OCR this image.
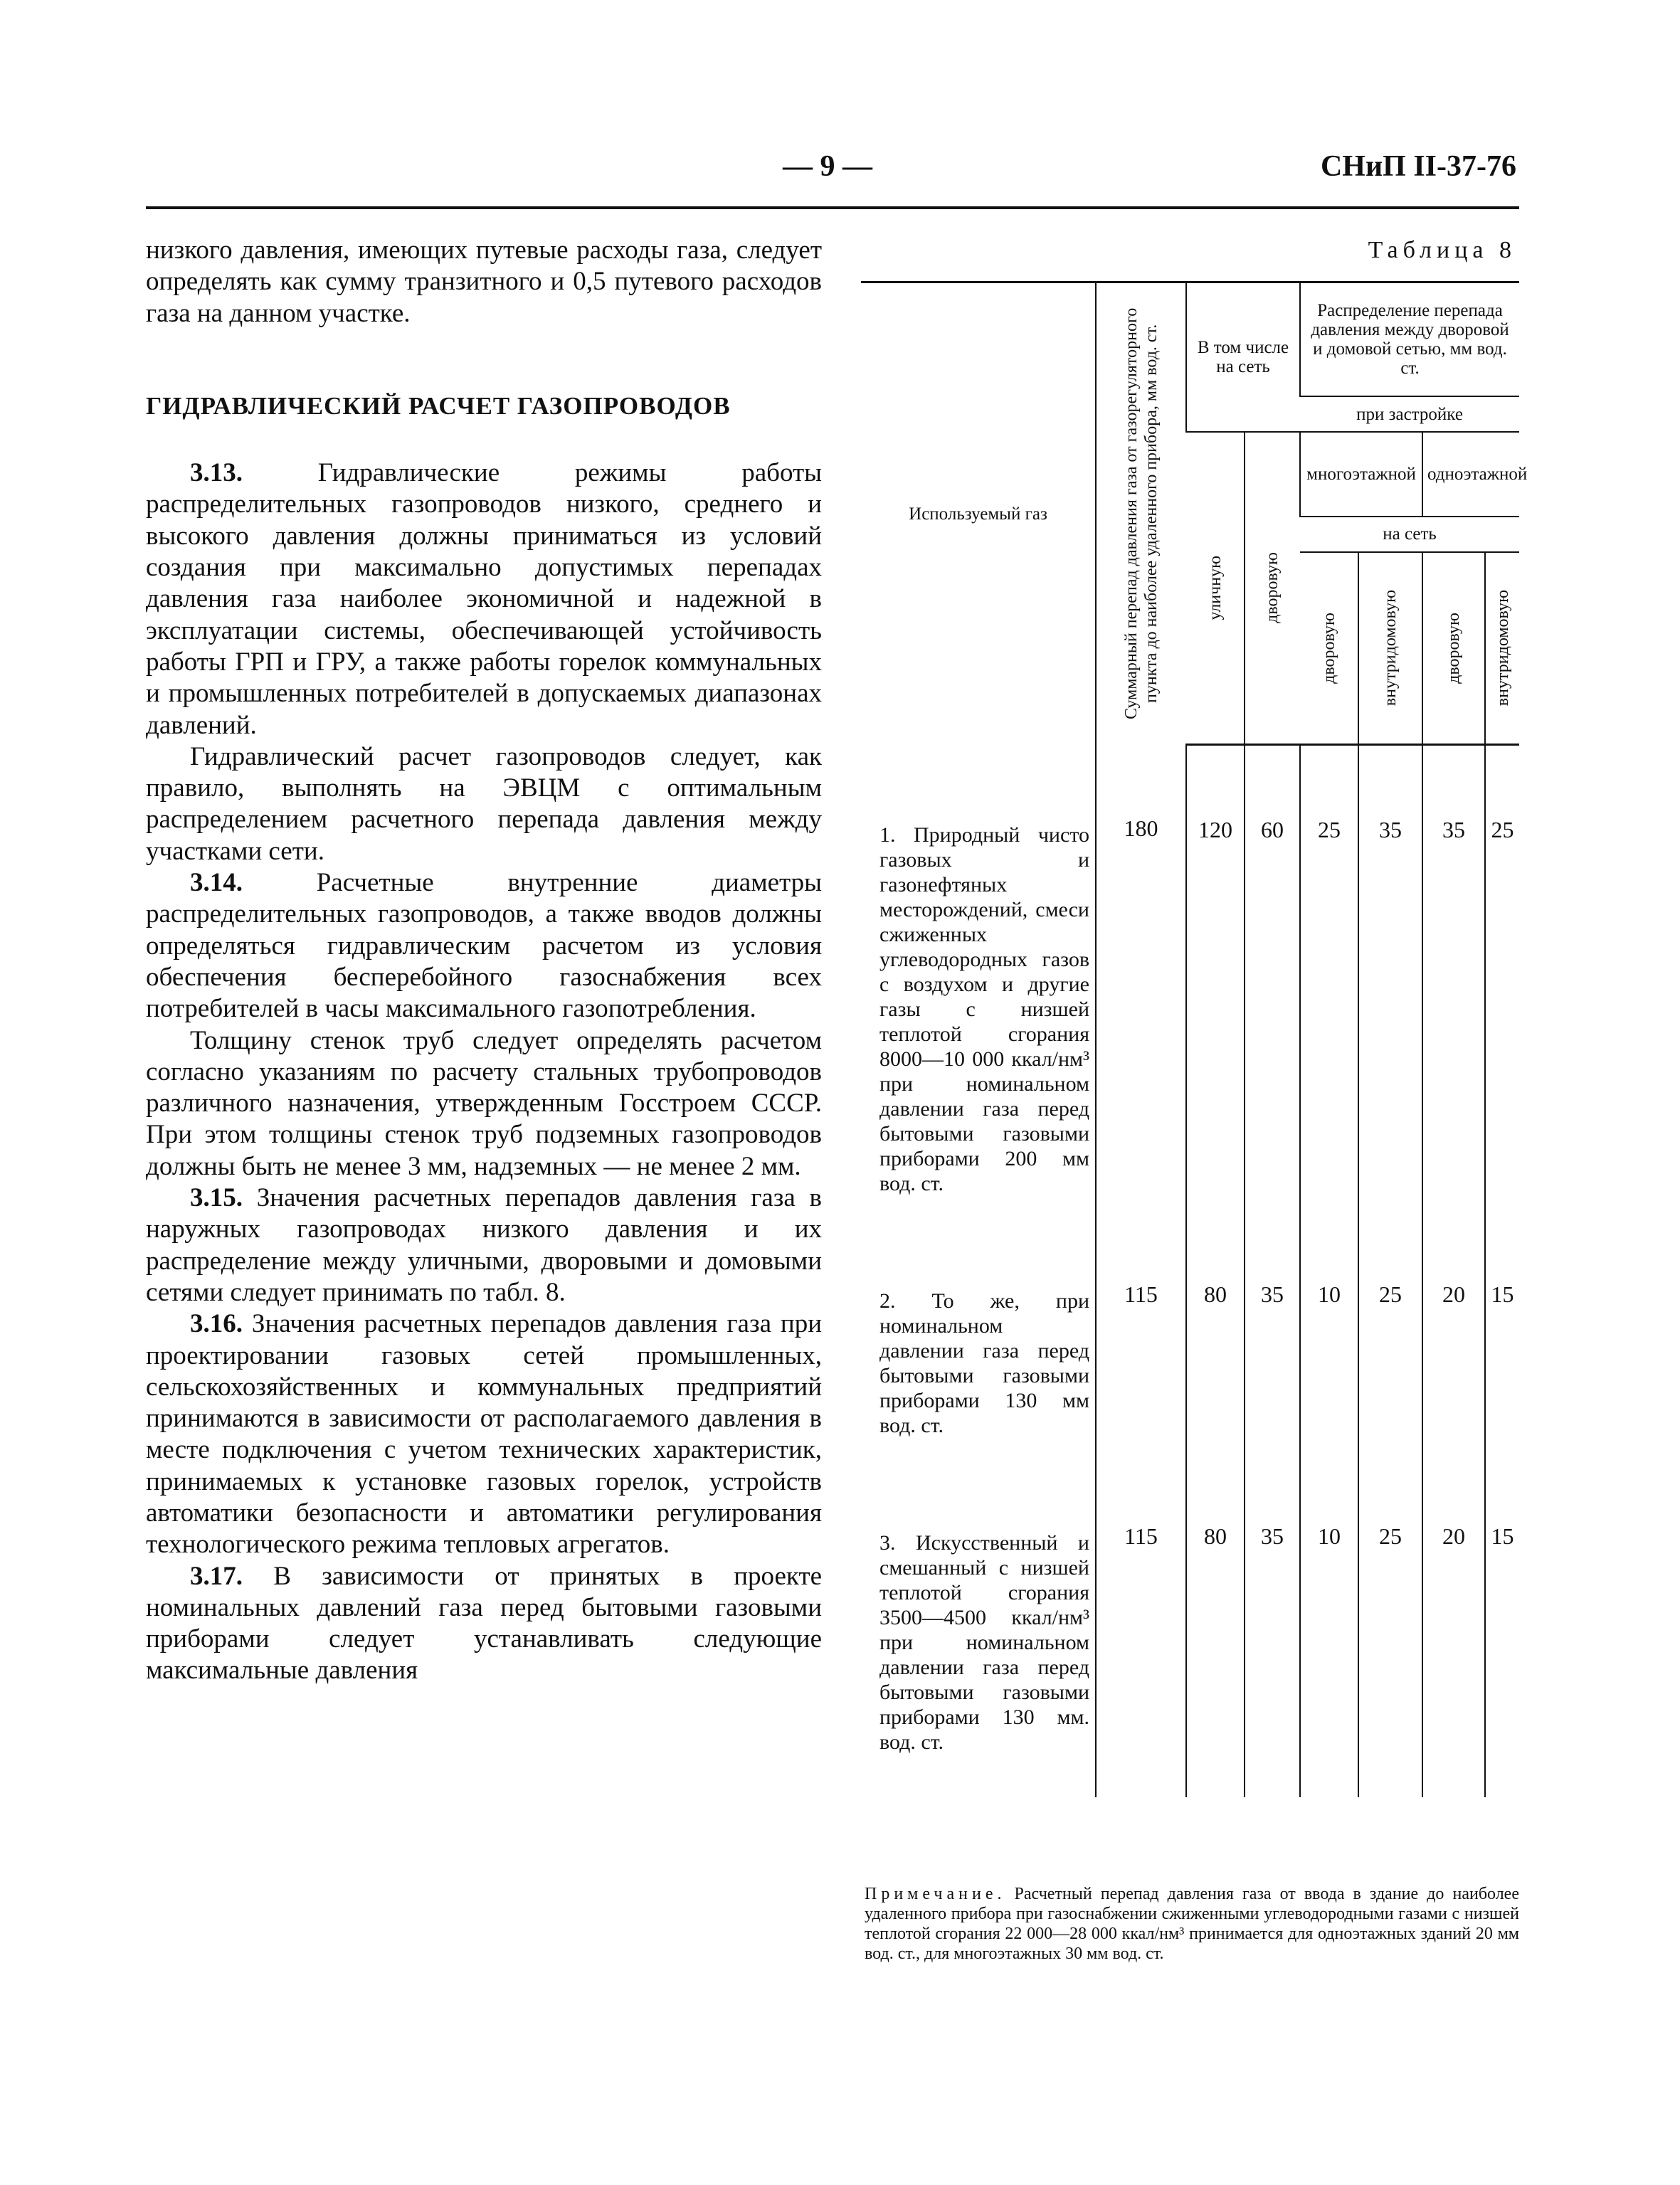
— 9 —	СНиП II-37-76

низкого давления, имеющих путевые расходы газа, следует определять как сумму транзитного и 0,5 путевого расходов газа на данном участке.

ГИДРАВЛИЧЕСКИЙ РАСЧЕТ ГАЗОПРОВОДОВ

3.13.	Гидравлические режимы работы распределительных газопроводов низкого, среднего и высокого давления должны приниматься из условий создания при максимально допустимых перепадах давления газа наиболее экономичной и надежной в эксплуатации системы, обеспечивающей устойчивость работы ГРП и ГРУ, а также работы горелок коммунальных и промышленных потребителей в допускаемых диапазонах давлений.

Гидравлический расчет газопроводов следует, как правило, выполнять на ЭВЦМ с оптимальным распределением расчетного перепада давления между участками сети.

3.14.	Расчетные внутренние диаметры распределительных газопроводов, а также вводов должны определяться гидравлическим расчетом из условия обеспечения бесперебойного газоснабжения всех потребителей в часы максимального газопотребления.

Толщину стенок труб следует определять расчетом согласно указаниям по расчету стальных трубопроводов различного назначения, утвержденным Госстроем СССР. При этом толщины стенок труб подземных газопроводов должны быть не менее 3 мм, надземных — не менее 2 мм.

3.15. Значения расчетных перепадов давления газа в наружных газопроводах низкого давления и их распределение между уличными, дворовыми и домовыми сетями следует принимать по табл. 8.

3.16. Значения расчетных перепадов давления газа при проектировании газовых сетей промышленных, сельскохозяйственных и коммунальных предприятий принимаются в зависимости от располагаемого давления в месте подключения с учетом технических характеристик, принимаемых к установке газовых горелок, устройств автоматики безопасности и автоматики регулирования технологического режима тепловых агрегатов.

3.17. В зависимости от принятых в проекте номинальных давлений газа перед бытовыми газовыми приборами следует устанавливать следующие максимальные давления

Таблица 8
Используемый газ	Суммарный перепад давления газа от газорегуляторного пункта до наиболее удаленного прибора, мм вод. ст.	В том числе на сеть		Распределение перепада давления между дворовой и домовой сетью, мм вод. ст.			
				при застройке			

		уличную	дворовую	многоэтажной		одноэтажной	
				на сеть			

				дворовую	внутридомовую	дворовую	внутридомовую

1. Природный чисто газовых и газонефтяных месторождений, смеси сжиженных углеводородных газов с воздухом и другие газы с низшей теплотой сгорания 8000—10 000 ккал/нм³ при номинальном давлении газа перед бытовыми газовыми приборами 200 мм вод. ст.	180	120	60	25	35	35	25
2. То же, при номинальном давлении газа перед бытовыми газовыми приборами 130 мм вод. ст.	115	80	35	10	25	20	15
3. Искусственный и смешанный с низшей теплотой сгорания 3500—4500 ккал/нм³ при номинальном давлении газа перед бытовыми газовыми приборами 130 мм. вод. ст.	115	80	35	10	25	20	15
Примечание. Расчетный перепад давления газа от ввода в здание до наиболее удаленного прибора при газоснабжении сжиженными углеводородными газами с низшей теплотой сгорания 22 000—28 000 ккал/нм³ принимается для одноэтажных зданий 20 мм вод. ст., для многоэтажных 30 мм вод. ст.
